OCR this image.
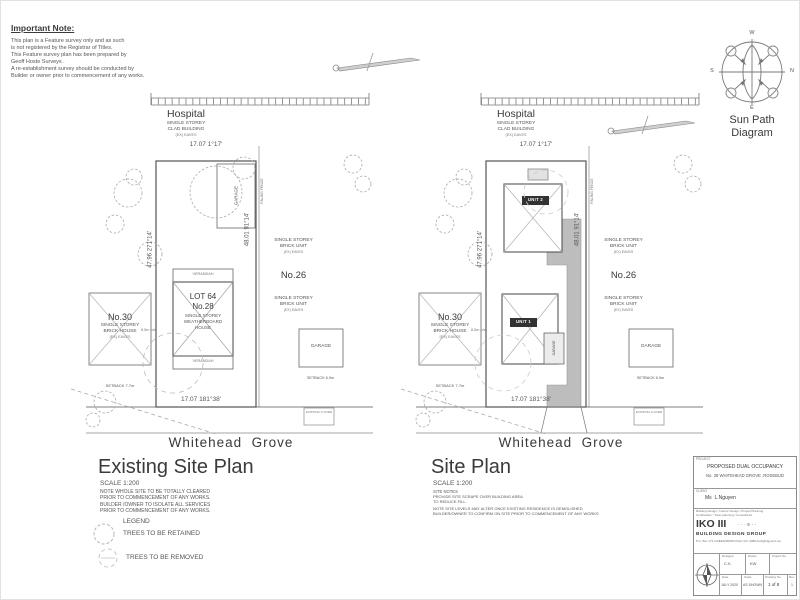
Important Note:
This plan is a Feature survey only and as such
is not registered by the Registrar of Titles.
This Feature survey plan has been prepared by
Geoff Hoste Surveys .
A re-establishment survey should be conducted by
Builder or owner prior to commencement of any works.
W
E
S	N
Sun Path
Diagram
Hospital
SINGLE STOREY
CLAD BUILDING
(EX) EAVES
17.07 1°17'
47.96 271°14'
48.01 91°14'
PALING FENCE
GARAGE
VERANDAH
LOT 64
No.28
SINGLE STOREY
WEATHERBOARD
HOUSE
VERANDAH
17.07 181°38'
No.30
SINGLE STOREY
BRICK HOUSE
(EX) EAVES
SETBACK 7.7m
8.5m o/s
SINGLE STOREY
BRICK UNIT
(EX) EAVES
No.26
SINGLE STOREY
BRICK UNIT
(EX) EAVES
GARAGE
SETBACK 6.0m
EXISTING X-OVER
Whitehead  Grove
Existing Site Plan
SCALE 1:200
NOTE WHOLE SITE TO BE TOTALLY CLEARED
PRIOR TO COMMENCEMENT OF ANY WORKS.
BUILDER /OWNER TO ISOLATE ALL SERVICES
PRIOR TO COMMENCEMENT OF ANY WORKS.
LEGEND
TREES TO BE RETAINED
TREES TO BE REMOVED
Hospital
SINGLE STOREY
CLAD BUILDING
(EX) EAVES
17.07 1°17'
47.96 271°14'
48.01 91°14'
PALING FENCE
UNIT 2
UNIT 1
GARAGE
17.07 181°38'
No.30
SINGLE STOREY
BRICK HOUSE
(EX) EAVES
SETBACK 7.7m
8.5m o/s
SINGLE STOREY
BRICK UNIT
(EX) EAVES
No.26
SINGLE STOREY
BRICK UNIT
(EX) EAVES
GARAGE
SETBACK 6.0m
EXISTING X-OVER
Whitehead  Grove
Site Plan
SCALE 1:200
SITE NOTES
PROVIDE SITE SCRAPE OVER BUILDING AREA
TO REDUCE FILL.
NOTE SITE LEVELS MAY ALTER ONCE EXISTING RESIDENCE IS DEMOLISHED
BUILDER/OWNER TO CONFIRM ON SITE PRIOR TO COMMENCEMENT OF ANY WORKS
PROJECT
PROPOSED DUAL OCCUPANCY
No. 28 WHITEHEAD GROVE ,ROSEBUD
CLIENT
Ms  L.Nguyen
Building Design / Interior Design / Project Planning
Certification / Town-planning / Consultants
IKO III · · · ≡ · ·
BUILDING DESIGN GROUP
P.O. Box 174 GREENSBOROUGH VIC 3088 iko3@bigpond.net
Designer
C.K.
Drawn
KW
Project No.
Date
JULY 2020
Scale
AS SHOWN
Drawing No.
1 of 8
Rev
1
